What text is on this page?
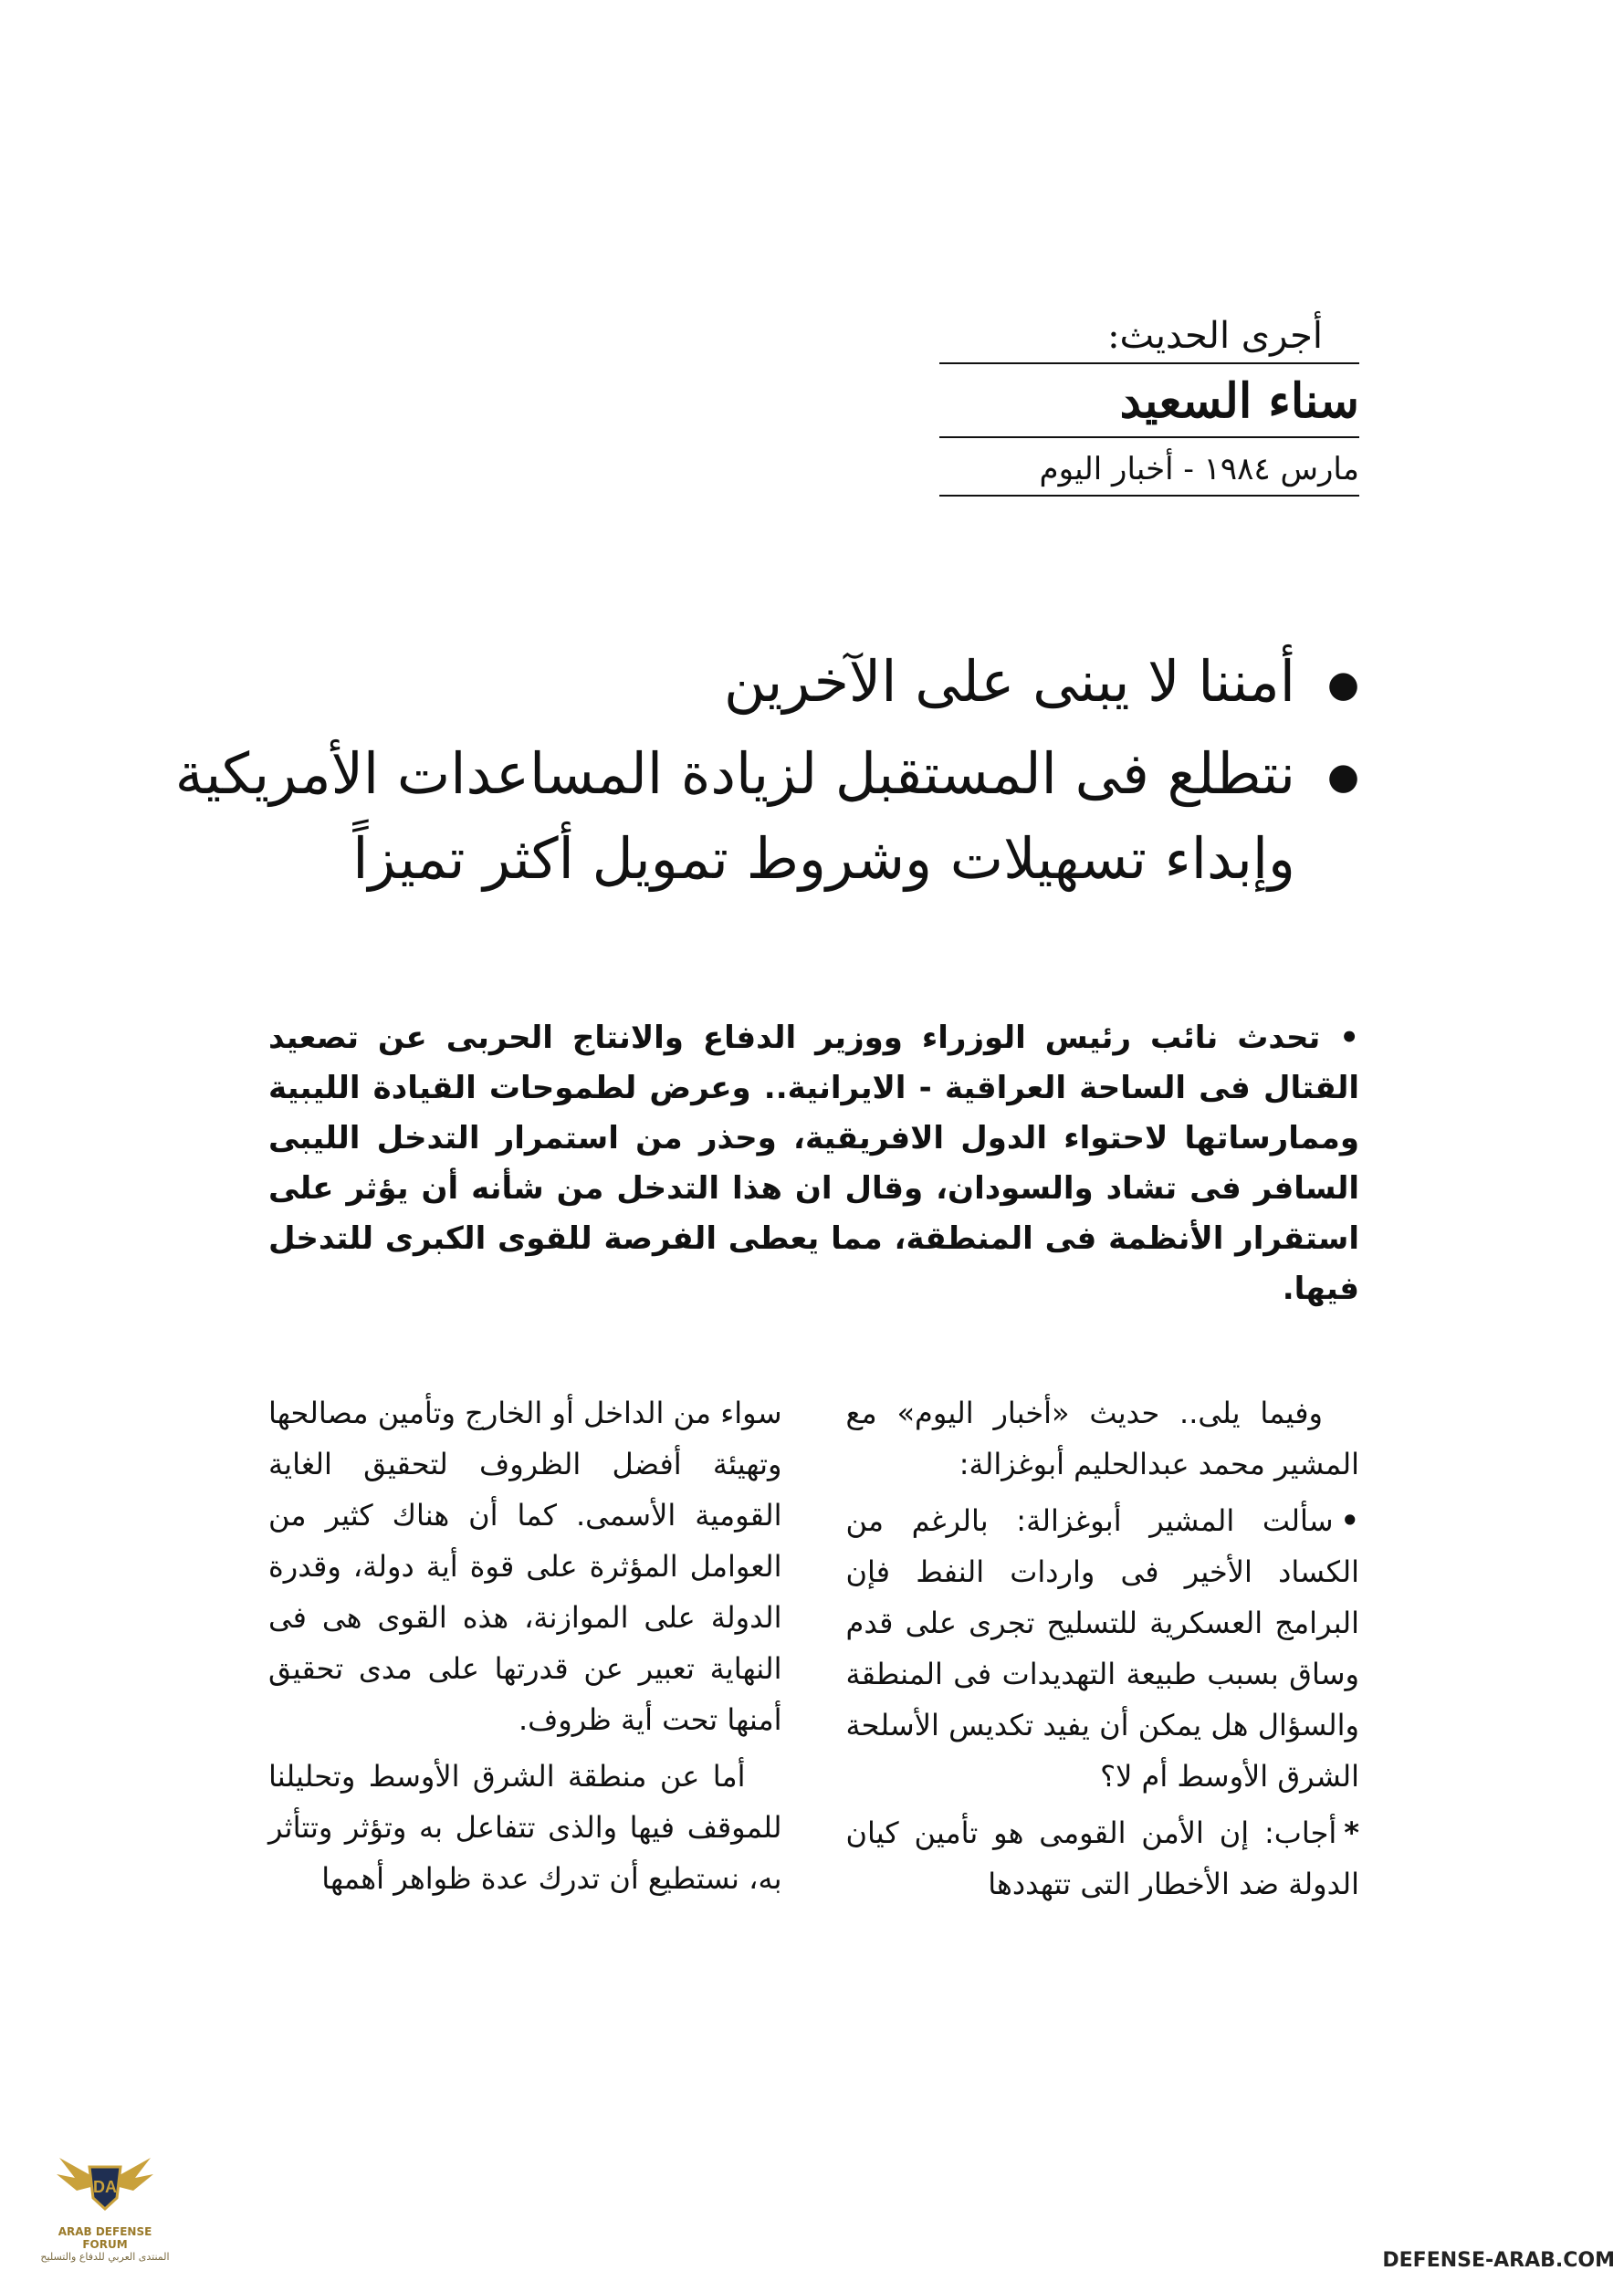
أجرى الحديث:
سناء السعيد
مارس ١٩٨٤ - أخبار اليوم
●
أمننا لا يبنى على الآخرين
●
نتطلع فى المستقبل لزيادة المساعدات الأمريكية
وإبداء تسهيلات وشروط تمويل أكثر تميزاً
• تحدث نائب رئيس الوزراء ووزير الدفاع والانتاج الحربى عن تصعيد القتال فى الساحة العراقية - الايرانية.. وعرض لطموحات القيادة الليبية وممارساتها لاحتواء الدول الافريقية، وحذر من استمرار التدخل الليبى السافر فى تشاد والسودان، وقال ان هذا التدخل من شأنه أن يؤثر على استقرار الأنظمة فى المنطقة، مما يعطى الفرصة للقوى الكبرى للتدخل فيها.

وفيما يلى.. حديث «أخبار اليوم» مع المشير محمد عبدالحليم أبوغزالة:

•سألت المشير أبوغزالة: بالرغم من الكساد الأخير فى واردات النفط فإن البرامج العسكرية للتسليح تجرى على قدم وساق بسبب طبيعة التهديدات فى المنطقة والسؤال هل يمكن أن يفيد تكديس الأسلحة الشرق الأوسط أم لا؟

*أجاب: إن الأمن القومى هو تأمين كيان الدولة ضد الأخطار التى تتهددها

سواء من الداخل أو الخارج وتأمين مصالحها وتهيئة أفضل الظروف لتحقيق الغاية القومية الأسمى. كما أن هناك كثير من العوامل المؤثرة على قوة أية دولة، وقدرة الدولة على الموازنة، هذه القوى هى فى النهاية تعبير عن قدرتها على مدى تحقيق أمنها تحت أية ظروف.

أما عن منطقة الشرق الأوسط وتحليلنا للموقف فيها والذى تتفاعل به وتؤثر وتتأثر به، نستطيع أن تدرك عدة ظواهر أهمها

DA
ARAB DEFENSE FORUM
المنتدى العربي للدفاع والتسليح	DEFENSE-ARAB.COM
